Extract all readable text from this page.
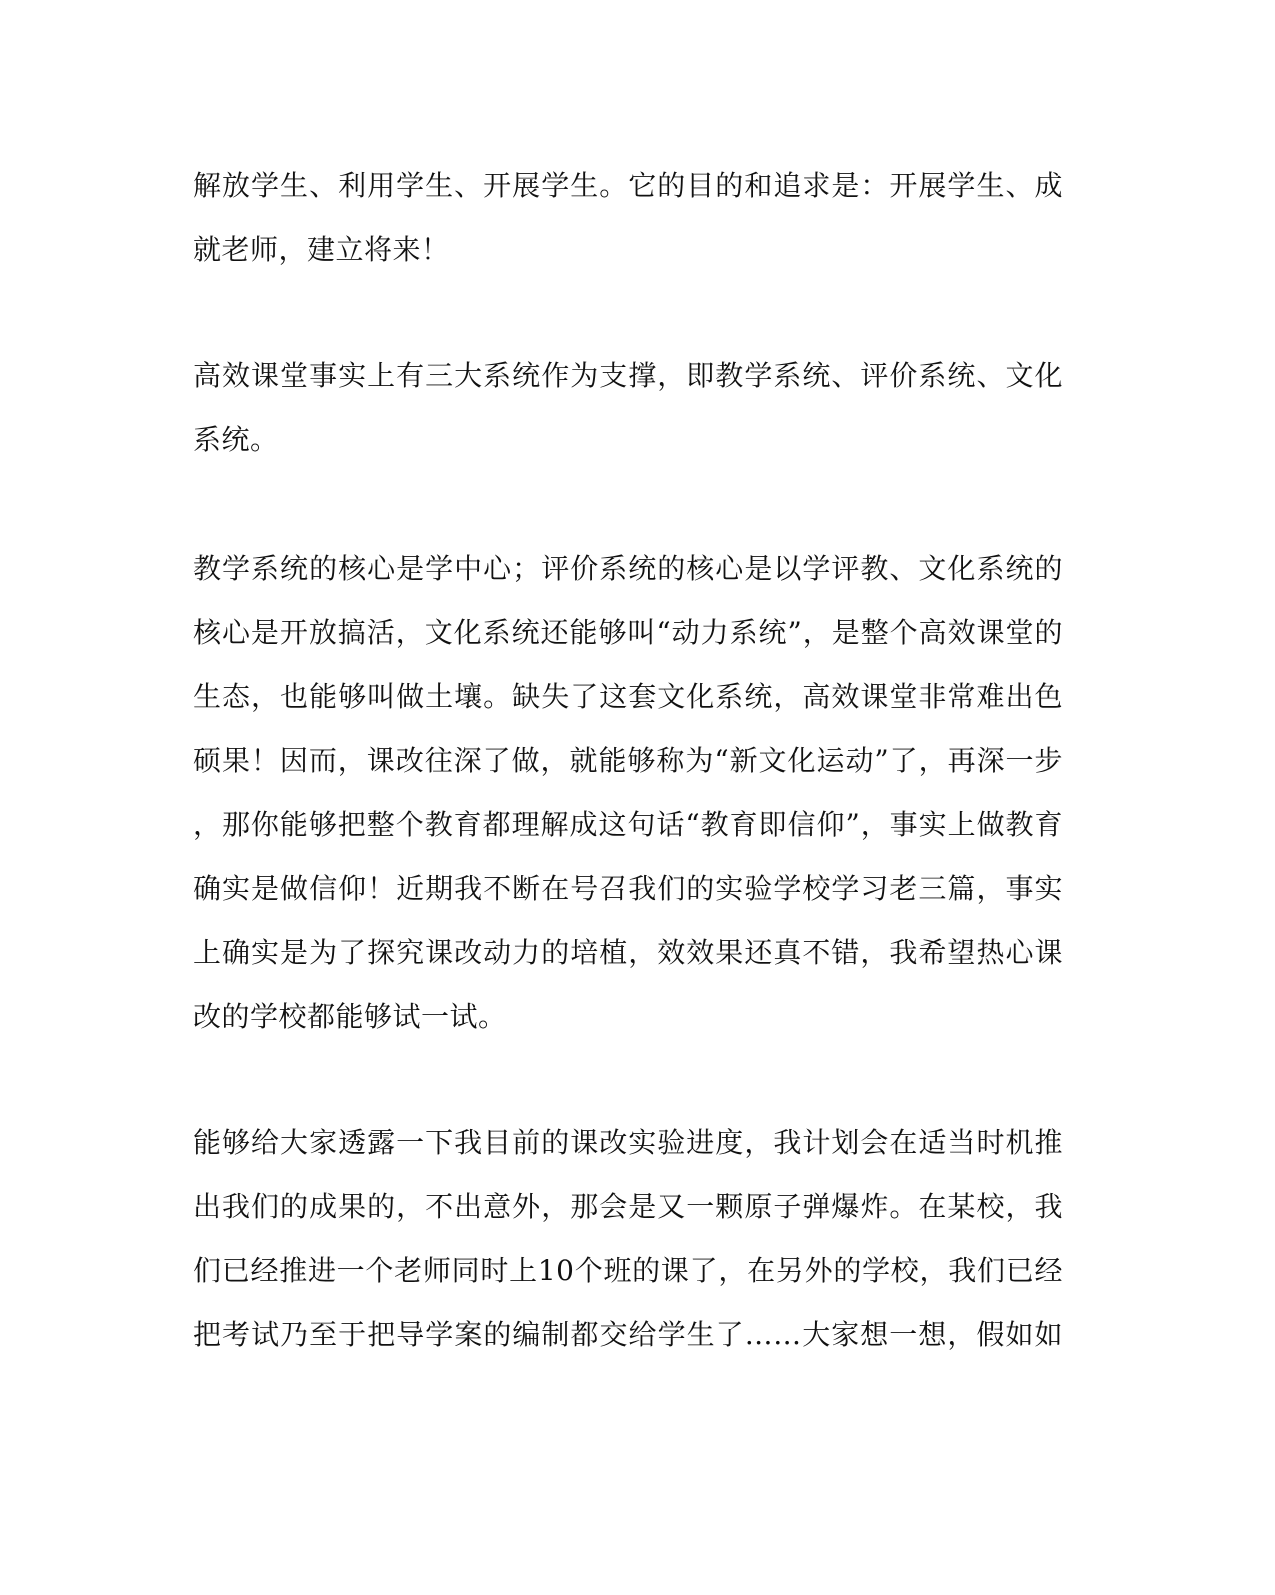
解放学生、利用学生、开展学生。它的目的和追求是：开展学生、成
就老师，建立将来！
高效课堂事实上有三大系统作为支撑，即教学系统、评价系统、文化
系统。
教学系统的核心是学中心；评价系统的核心是以学评教、文化系统的
核心是开放搞活，文化系统还能够叫“动力系统”，是整个高效课堂的
生态，也能够叫做土壤。缺失了这套文化系统，高效课堂非常难出色
硕果！因而，课改往深了做，就能够称为“新文化运动”了，再深一步
，那你能够把整个教育都理解成这句话“教育即信仰”，事实上做教育
确实是做信仰！近期我不断在号召我们的实验学校学习老三篇，事实
上确实是为了探究课改动力的培植，效效果还真不错，我希望热心课
改的学校都能够试一试。
能够给大家透露一下我目前的课改实验进度，我计划会在适当时机推
出我们的成果的，不出意外，那会是又一颗原子弹爆炸。在某校，我
们已经推进一个老师同时上10个班的课了，在另外的学校，我们已经
把考试乃至于把导学案的编制都交给学生了……大家想一想，假如如
